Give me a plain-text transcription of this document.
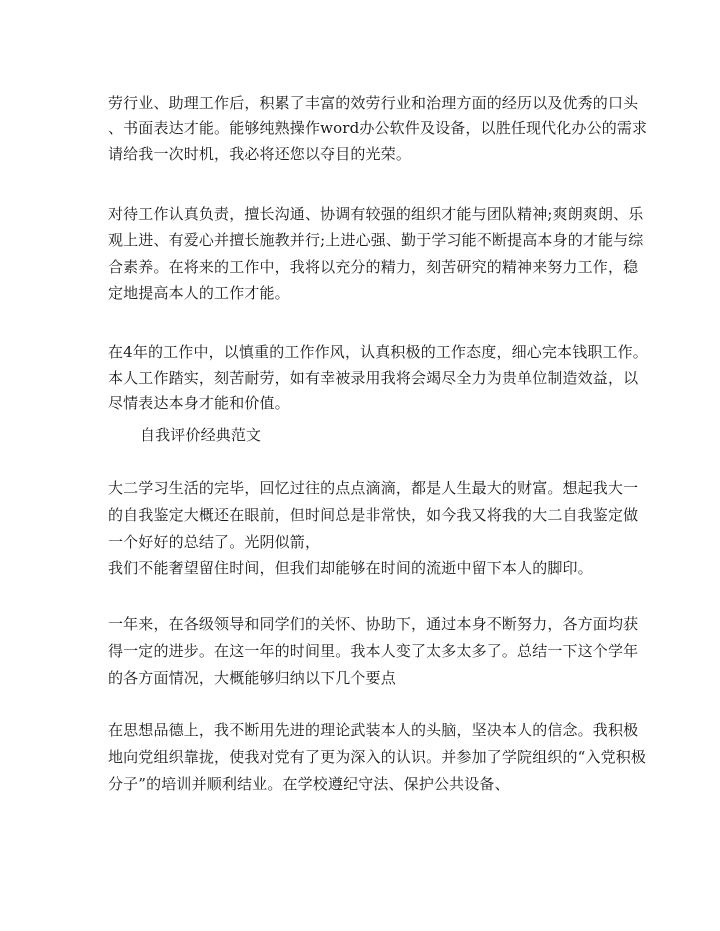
劳行业、助理工作后，积累了丰富的效劳行业和治理方面的经历以及优秀的口头
、书面表达才能。能够纯熟操作word办公软件及设备，以胜任现代化办公的需求
请给我一次时机，我必将还您以夺目的光荣。
对待工作认真负责，擅长沟通、协调有较强的组织才能与团队精神;爽朗爽朗、乐
观上进、有爱心并擅长施教并行;上进心强、勤于学习能不断提高本身的才能与综
合素养。在将来的工作中，我将以充分的精力，刻苦研究的精神来努力工作，稳
定地提高本人的工作才能。
在4年的工作中，以慎重的工作作风，认真积极的工作态度，细心完本钱职工作。
本人工作踏实，刻苦耐劳，如有幸被录用我将会竭尽全力为贵单位制造效益，以
尽情表达本身才能和价值。
自我评价经典范文
大二学习生活的完毕，回忆过往的点点滴滴，都是人生最大的财富。想起我大一
的自我鉴定大概还在眼前，但时间总是非常快，如今我又将我的大二自我鉴定做
一个好好的总结了。光阴似箭，
我们不能奢望留住时间，但我们却能够在时间的流逝中留下本人的脚印。
一年来，在各级领导和同学们的关怀、协助下，通过本身不断努力，各方面均获
得一定的进步。在这一年的时间里。我本人变了太多太多了。总结一下这个学年
的各方面情况，大概能够归纳以下几个要点
在思想品德上，我不断用先进的理论武装本人的头脑，坚决本人的信念。我积极
地向党组织靠拢，使我对党有了更为深入的认识。并参加了学院组织的“入党积极
分子”的培训并顺利结业。在学校遵纪守法、保护公共设备、
